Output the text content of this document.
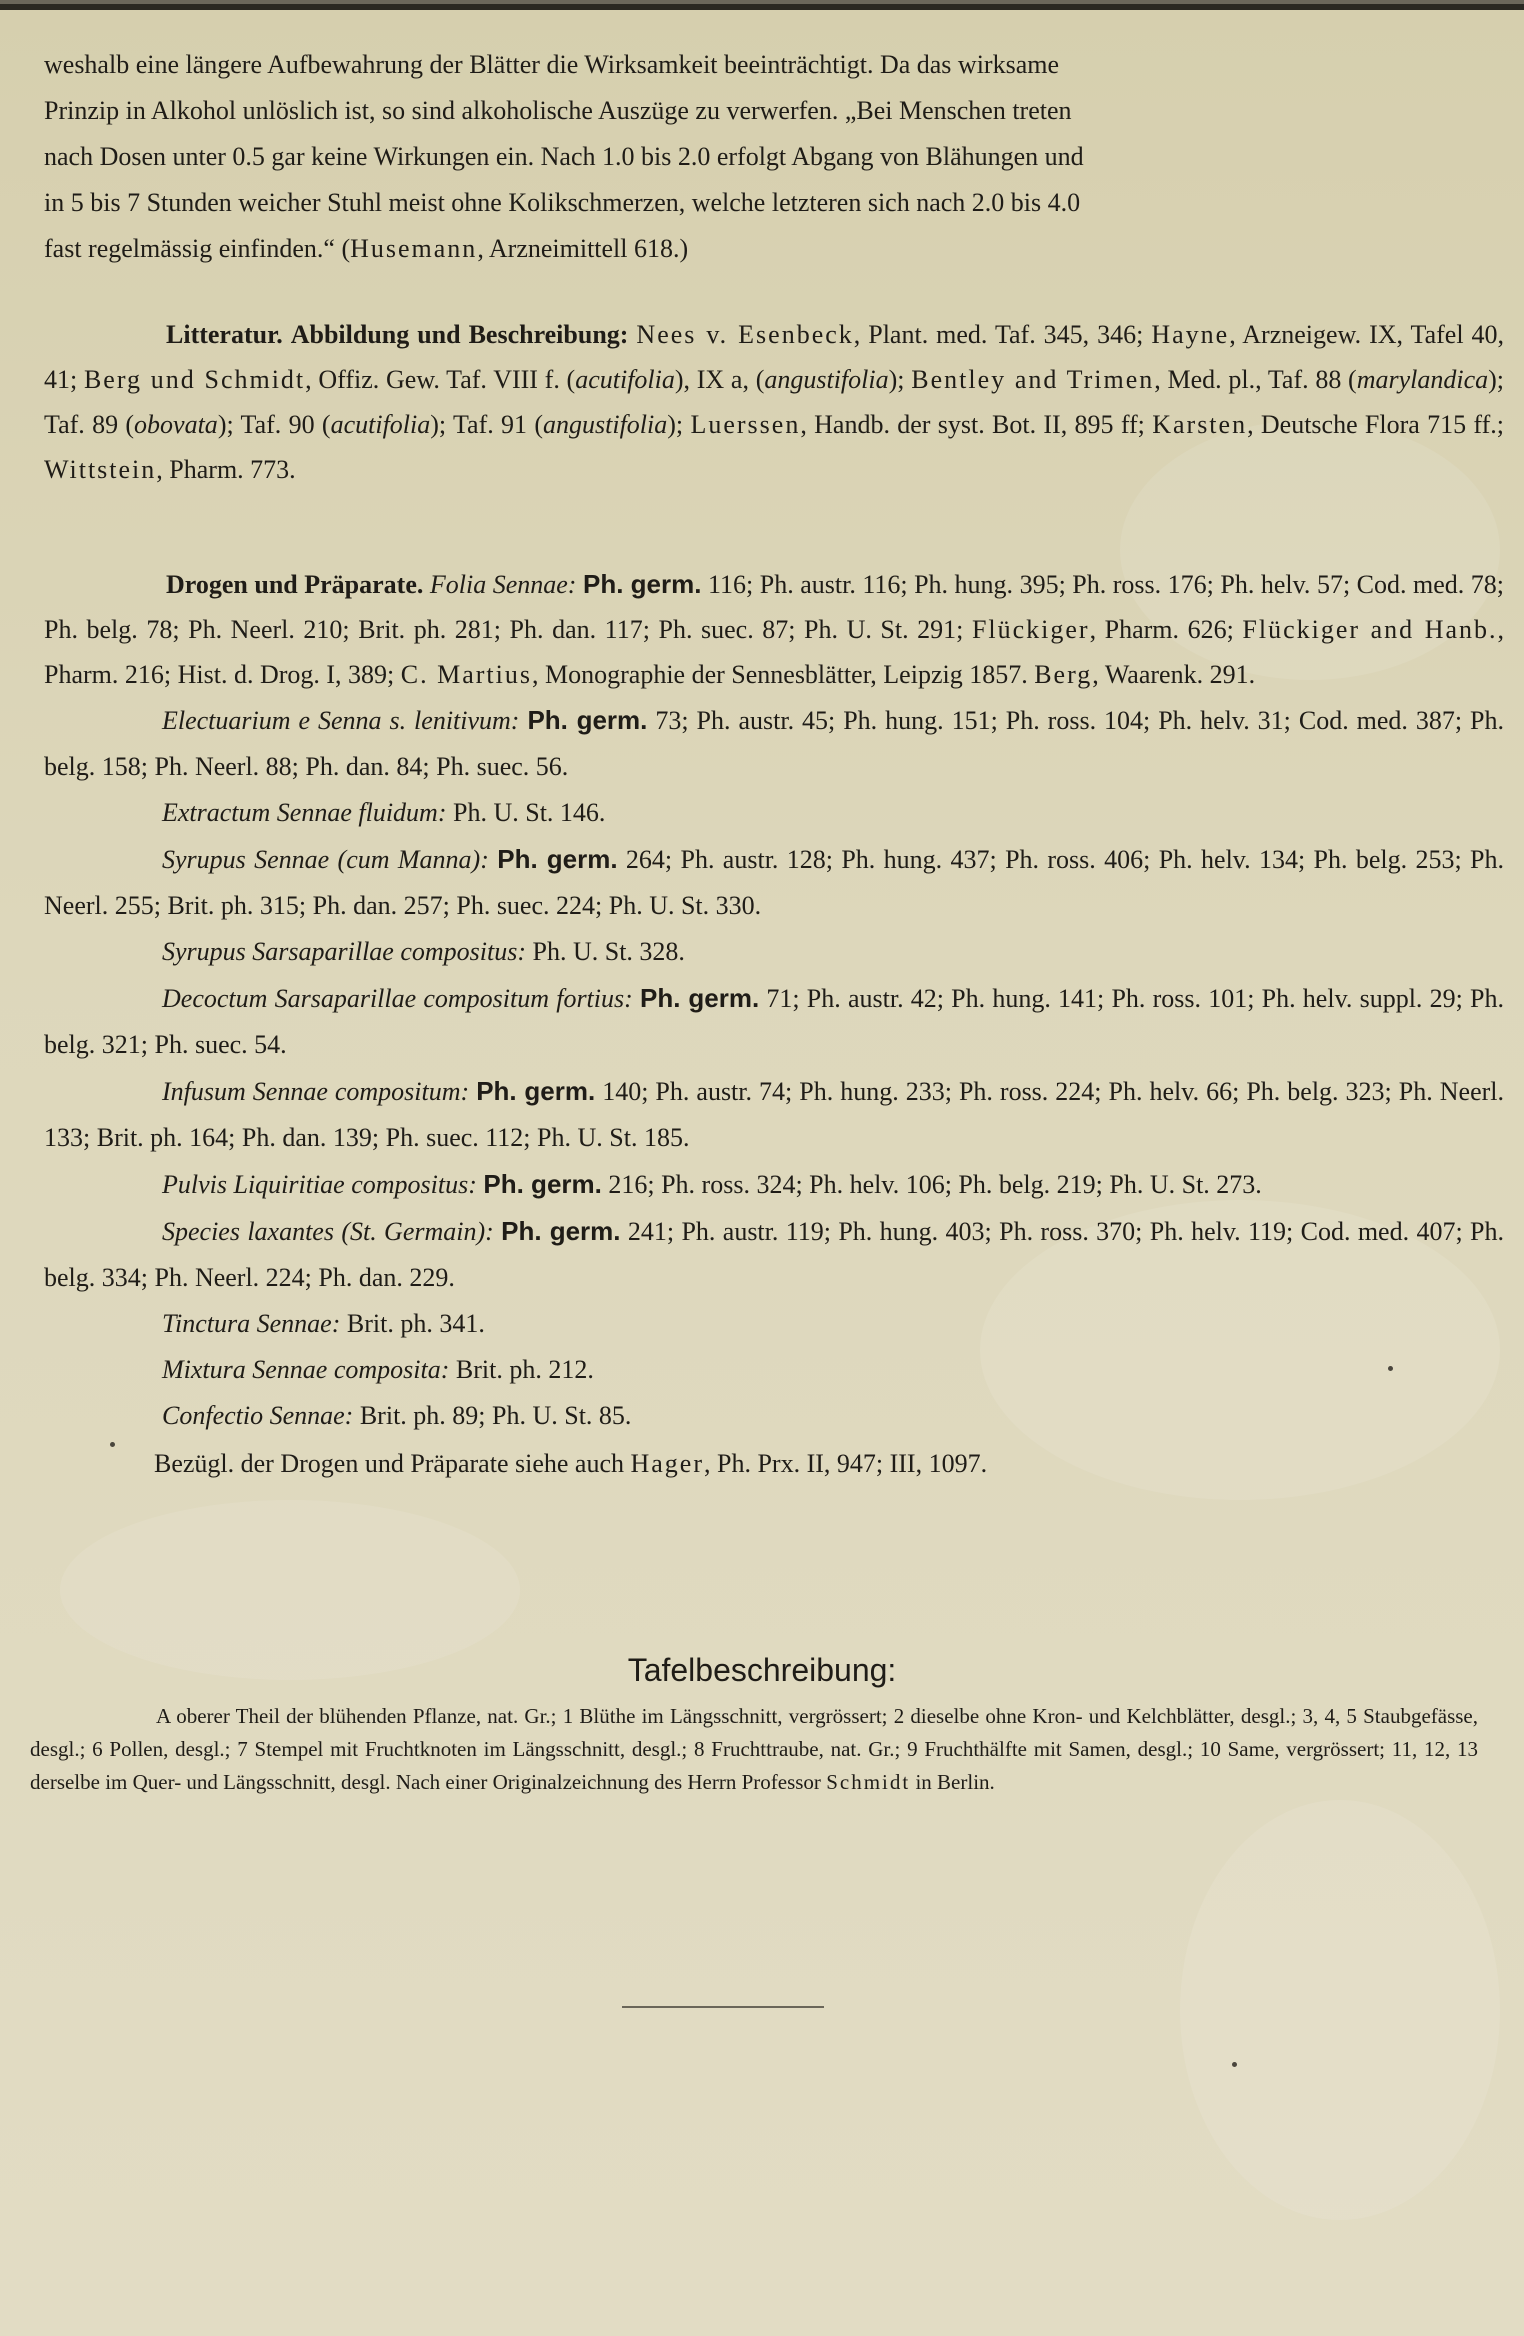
weshalb eine längere Aufbewahrung der Blätter die Wirksamkeit beeinträchtigt. Da das wirksame

Prinzip in Alkohol unlöslich ist, so sind alkoholische Auszüge zu verwerfen. „Bei Menschen treten

nach Dosen unter 0.5 gar keine Wirkungen ein. Nach 1.0 bis 2.0 erfolgt Abgang von Blähungen und

in 5 bis 7 Stunden weicher Stuhl meist ohne Kolikschmerzen, welche letzteren sich nach 2.0 bis 4.0

fast regelmässig einfinden.“ (Husemann, Arzneimittell 618.)

Litteratur. Abbildung und Beschreibung: Nees v. Esenbeck, Plant. med. Taf. 345, 346; Hayne, Arzneigew. IX, Tafel 40, 41; Berg und Schmidt, Offiz. Gew. Taf. VIII f. (acutifolia), IX a, (angustifolia); Bentley and Trimen, Med. pl., Taf. 88 (marylandica); Taf. 89 (obovata); Taf. 90 (acutifolia); Taf. 91 (angustifolia); Luerssen, Handb. der syst. Bot. II, 895 ff; Karsten, Deutsche Flora 715 ff.; Wittstein, Pharm. 773.

Drogen und Präparate. Folia Sennae: Ph. germ. 116; Ph. austr. 116; Ph. hung. 395; Ph. ross. 176; Ph. helv. 57; Cod. med. 78; Ph. belg. 78; Ph. Neerl. 210; Brit. ph. 281; Ph. dan. 117; Ph. suec. 87; Ph. U. St. 291; Flückiger, Pharm. 626; Flückiger and Hanb., Pharm. 216; Hist. d. Drog. I, 389; C. Martius, Monographie der Sennesblätter, Leipzig 1857. Berg, Waarenk. 291.

Electuarium e Senna s. lenitivum: Ph. germ. 73; Ph. austr. 45; Ph. hung. 151; Ph. ross. 104; Ph. helv. 31; Cod. med. 387; Ph. belg. 158; Ph. Neerl. 88; Ph. dan. 84; Ph. suec. 56.

Extractum Sennae fluidum: Ph. U. St. 146.

Syrupus Sennae (cum Manna): Ph. germ. 264; Ph. austr. 128; Ph. hung. 437; Ph. ross. 406; Ph. helv. 134; Ph. belg. 253; Ph. Neerl. 255; Brit. ph. 315; Ph. dan. 257; Ph. suec. 224; Ph. U. St. 330.

Syrupus Sarsaparillae compositus: Ph. U. St. 328.

Decoctum Sarsaparillae compositum fortius: Ph. germ. 71; Ph. austr. 42; Ph. hung. 141; Ph. ross. 101; Ph. helv. suppl. 29; Ph. belg. 321; Ph. suec. 54.

Infusum Sennae compositum: Ph. germ. 140; Ph. austr. 74; Ph. hung. 233; Ph. ross. 224; Ph. helv. 66; Ph. belg. 323; Ph. Neerl. 133; Brit. ph. 164; Ph. dan. 139; Ph. suec. 112; Ph. U. St. 185.

Pulvis Liquiritiae compositus: Ph. germ. 216; Ph. ross. 324; Ph. helv. 106; Ph. belg. 219; Ph. U. St. 273.

Species laxantes (St. Germain): Ph. germ. 241; Ph. austr. 119; Ph. hung. 403; Ph. ross. 370; Ph. helv. 119; Cod. med. 407; Ph. belg. 334; Ph. Neerl. 224; Ph. dan. 229.

Tinctura Sennae: Brit. ph. 341.

Mixtura Sennae composita: Brit. ph. 212.

Confectio Sennae: Brit. ph. 89; Ph. U. St. 85.

Bezügl. der Drogen und Präparate siehe auch Hager, Ph. Prx. II, 947; III, 1097.

Tafelbeschreibung:

A oberer Theil der blühenden Pflanze, nat. Gr.; 1 Blüthe im Längsschnitt, vergrössert; 2 dieselbe ohne Kron- und Kelchblätter, desgl.; 3, 4, 5 Staubgefässe, desgl.; 6 Pollen, desgl.; 7 Stempel mit Fruchtknoten im Längsschnitt, desgl.; 8 Fruchttraube, nat. Gr.; 9 Fruchthälfte mit Samen, desgl.; 10 Same, vergrössert; 11, 12, 13 derselbe im Quer- und Längsschnitt, desgl. Nach einer Originalzeichnung des Herrn Professor Schmidt in Berlin.
